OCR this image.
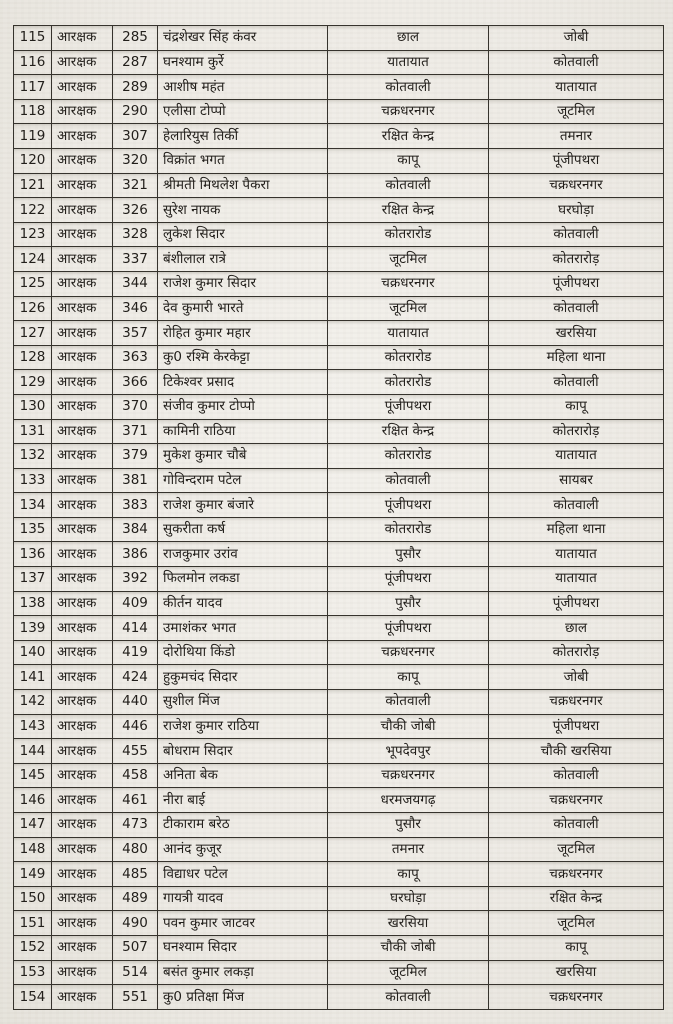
115	आरक्षक	285	चंद्रशेखर सिंह कंवर	छाल	जोबी
116	आरक्षक	287	घनश्याम कुर्रे	यातायात	कोतवाली
117	आरक्षक	289	आशीष महंत	कोतवाली	यातायात
118	आरक्षक	290	एलीसा टोप्पो	चक्रधरनगर	जूटमिल
119	आरक्षक	307	हेलारियुस तिर्की	रक्षित केन्द्र	तमनार
120	आरक्षक	320	विक्रांत भगत	कापू	पूंजीपथरा
121	आरक्षक	321	श्रीमती मिथलेश पैकरा	कोतवाली	चक्रधरनगर
122	आरक्षक	326	सुरेश नायक	रक्षित केन्द्र	घरघोड़ा
123	आरक्षक	328	लुकेश सिदार	कोतरारोड	कोतवाली
124	आरक्षक	337	बंशीलाल रात्रे	जूटमिल	कोतरारोड़
125	आरक्षक	344	राजेश कुमार सिदार	चक्रधरनगर	पूंजीपथरा
126	आरक्षक	346	देव कुमारी भारते	जूटमिल	कोतवाली
127	आरक्षक	357	रोहित कुमार महार	यातायात	खरसिया
128	आरक्षक	363	कु0 रश्मि केरकेट्टा	कोतरारोड	महिला थाना
129	आरक्षक	366	टिकेश्वर प्रसाद	कोतरारोड	कोतवाली
130	आरक्षक	370	संजीव कुमार टोप्पो	पूंजीपथरा	कापू
131	आरक्षक	371	कामिनी राठिया	रक्षित केन्द्र	कोतरारोड़
132	आरक्षक	379	मुकेश कुमार चौबे	कोतरारोड	यातायात
133	आरक्षक	381	गोविन्दराम पटेल	कोतवाली	सायबर
134	आरक्षक	383	राजेश कुमार बंजारे	पूंजीपथरा	कोतवाली
135	आरक्षक	384	सुकरीता कर्ष	कोतरारोड	महिला थाना
136	आरक्षक	386	राजकुमार उरांव	पुसौर	यातायात
137	आरक्षक	392	फिलमोन लकडा	पूंजीपथरा	यातायात
138	आरक्षक	409	कीर्तन यादव	पुसौर	पूंजीपथरा
139	आरक्षक	414	उमाशंकर भगत	पूंजीपथरा	छाल
140	आरक्षक	419	दोरोथिया किंडो	चक्रधरनगर	कोतरारोड़
141	आरक्षक	424	हुकुमचंद सिदार	कापू	जोबी
142	आरक्षक	440	सुशील मिंज	कोतवाली	चक्रधरनगर
143	आरक्षक	446	राजेश कुमार राठिया	चौकी जोबी	पूंजीपथरा
144	आरक्षक	455	बोधराम सिदार	भूपदेवपुर	चौकी खरसिया
145	आरक्षक	458	अनिता बेक	चक्रधरनगर	कोतवाली
146	आरक्षक	461	नीरा बाई	धरमजयगढ़	चक्रधरनगर
147	आरक्षक	473	टीकाराम बरेठ	पुसौर	कोतवाली
148	आरक्षक	480	आनंद कुजूर	तमनार	जूटमिल
149	आरक्षक	485	विद्याधर पटेल	कापू	चक्रधरनगर
150	आरक्षक	489	गायत्री यादव	घरघोड़ा	रक्षित केन्द्र
151	आरक्षक	490	पवन कुमार जाटवर	खरसिया	जूटमिल
152	आरक्षक	507	घनश्याम सिदार	चौकी जोबी	कापू
153	आरक्षक	514	बसंत कुमार लकड़ा	जूटमिल	खरसिया
154	आरक्षक	551	कु0 प्रतिक्षा मिंज	कोतवाली	चक्रधरनगर
